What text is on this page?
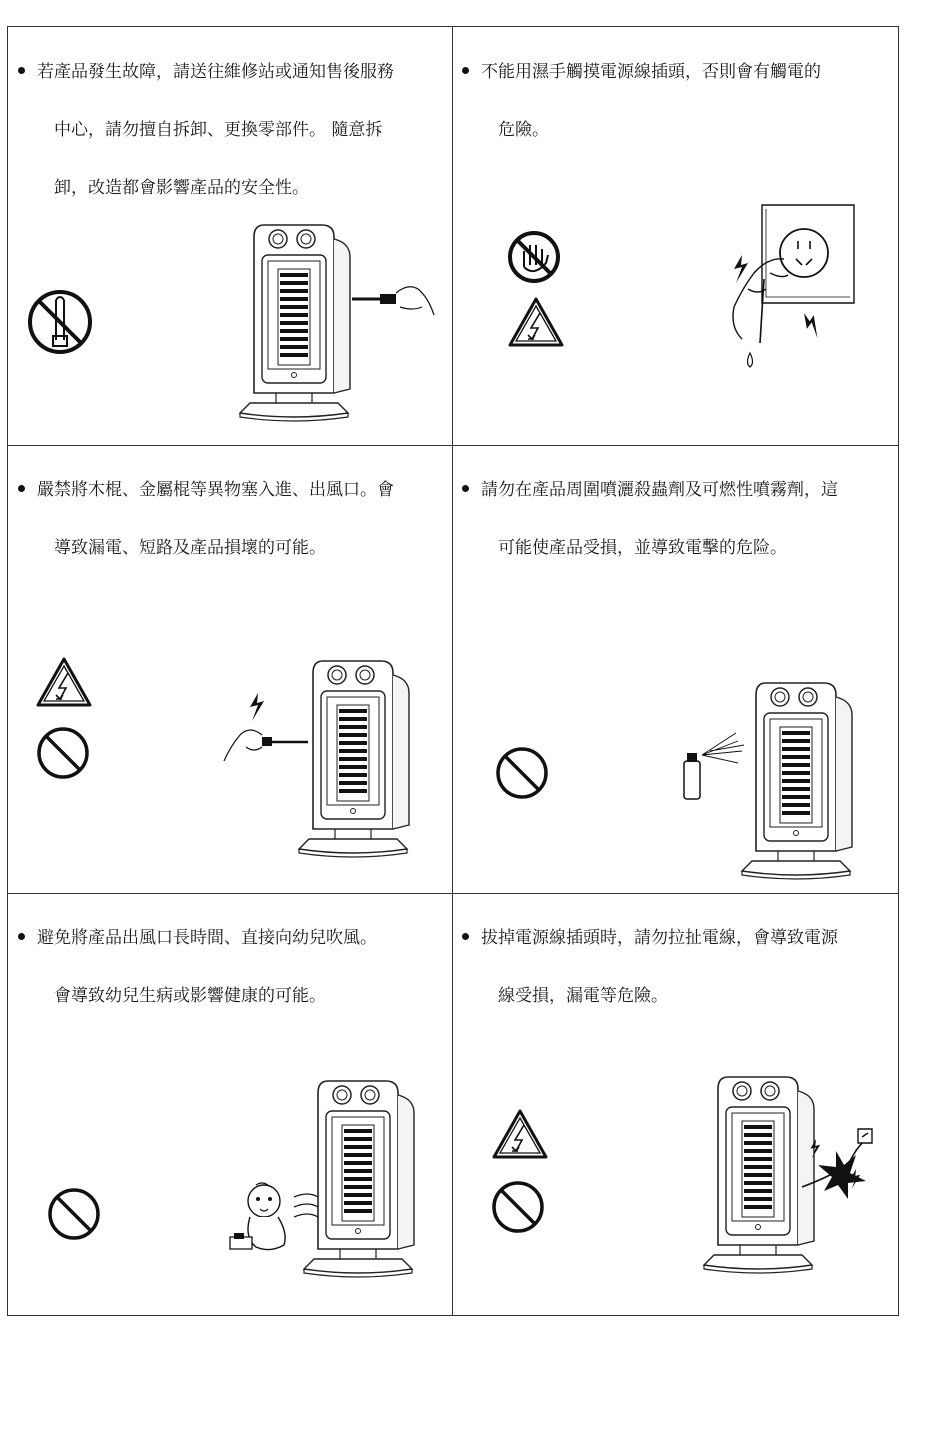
若產品發生故障，請送往維修站或通知售後服務
中心，請勿擅自拆卸、更換零部件。 隨意拆
卸，改造都會影響產品的安全性。
不能用濕手觸摸電源線插頭，否則會有觸電的
危險。
嚴禁將木棍、金屬棍等異物塞入進、出風口。會
導致漏電、短路及產品損壞的可能。
請勿在產品周圍噴灑殺蟲劑及可燃性噴霧劑，這
可能使產品受損，並導致電擊的危险。
避免將產品出風口長時間、直接向幼兒吹風。
會導致幼兒生病或影響健康的可能。
拔掉電源線插頭時，請勿拉扯電線，會導致電源
線受損，漏電等危險。
